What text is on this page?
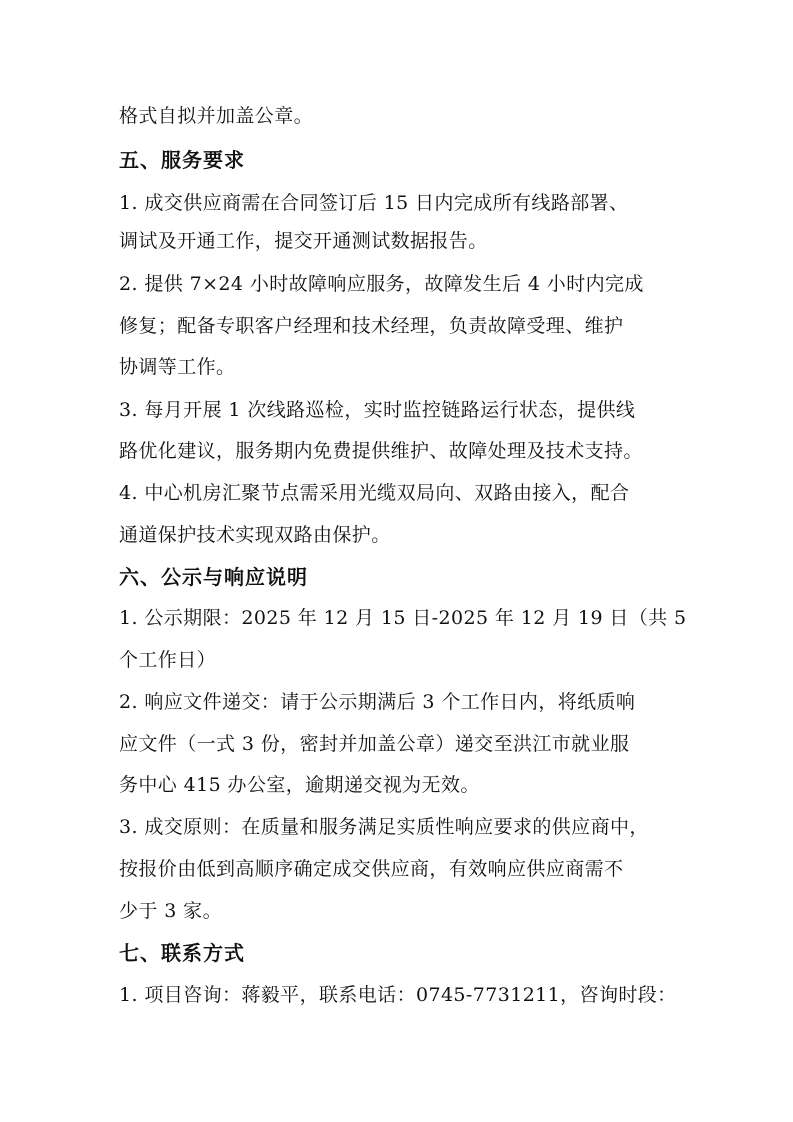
格式自拟并加盖公章。
五、服务要求
1. 成交供应商需在合同签订后 15 日内完成所有线路部署、
调试及开通工作，提交开通测试数据报告。
2. 提供 7×24 小时故障响应服务，故障发生后 4 小时内完成
修复；配备专职客户经理和技术经理，负责故障受理、维护
协调等工作。
3. 每月开展 1 次线路巡检，实时监控链路运行状态，提供线
路优化建议，服务期内免费提供维护、故障处理及技术支持。
4. 中心机房汇聚节点需采用光缆双局向、双路由接入，配合
通道保护技术实现双路由保护。
六、公示与响应说明
1. 公示期限：2025 年 12 月 15 日-2025 年 12 月 19 日（共 5
个工作日）
2. 响应文件递交：请于公示期满后 3 个工作日内，将纸质响
应文件（一式 3 份，密封并加盖公章）递交至洪江市就业服
务中心 415 办公室，逾期递交视为无效。
3. 成交原则：在质量和服务满足实质性响应要求的供应商中，
按报价由低到高顺序确定成交供应商，有效响应供应商需不
少于 3 家。
七、联系方式
1. 项目咨询：蒋毅平，联系电话：0745-7731211，咨询时段：
